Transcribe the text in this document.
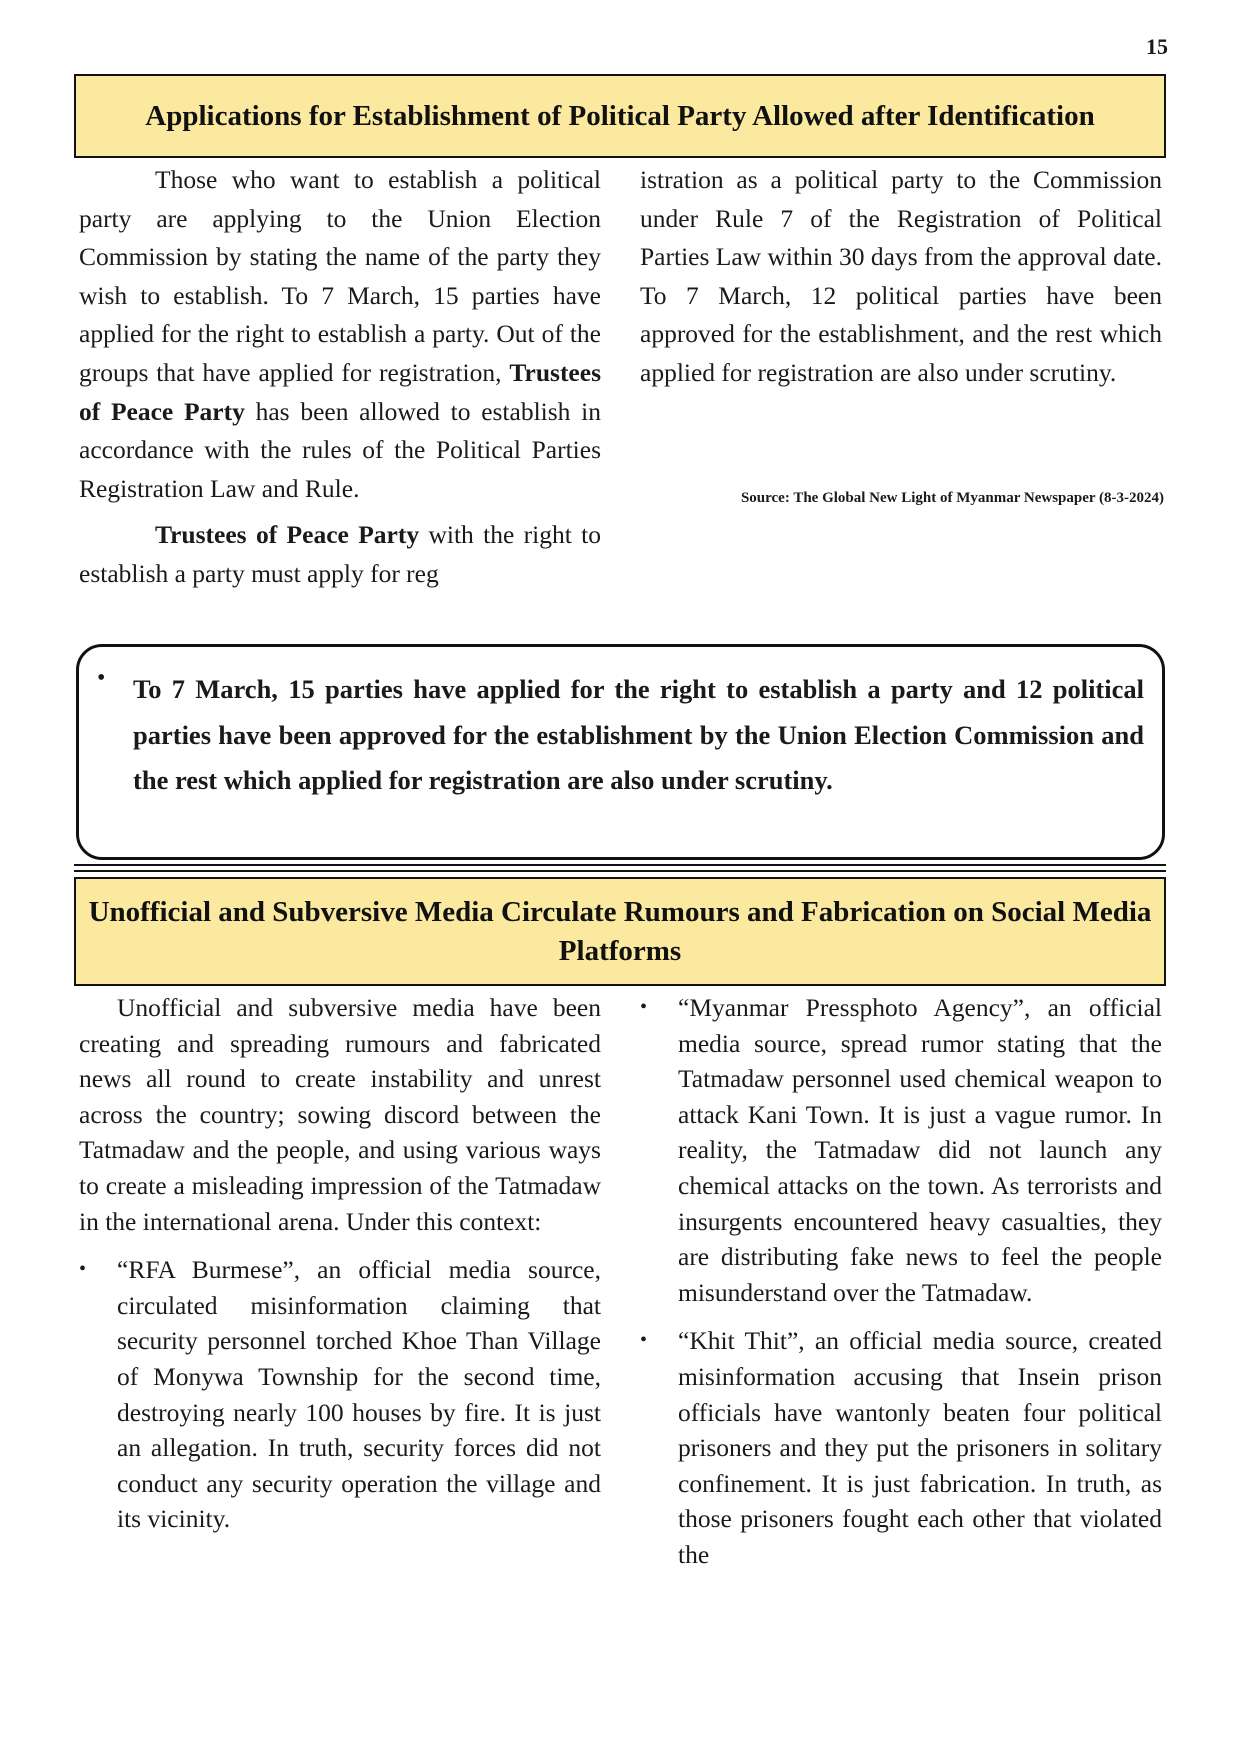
15
Applications for Establishment of Political Party Allowed after Identification

Those who want to establish a political party are applying to the Union Election Commission by stating the name of the party they wish to establish. To 7 March, 15 parties have applied for the right to establish a party. Out of the groups that have applied for registration, Trustees of Peace Party has been allowed to establish in accordance with the rules of the Political Parties Registration Law and Rule.

Trustees of Peace Party with the right to establish a party must apply for reg

istration as a political party to the Commission under Rule 7 of the Registration of Political Parties Law within 30 days from the approval date. To 7 March, 12 political parties have been approved for the establishment, and the rest which applied for registration are also under scrutiny.

Source: The Global New Light of Myanmar Newspaper (8-3-2024)
• To 7 March, 15 parties have applied for the right to establish a party and 12 political parties have been approved for the establishment by the Union Election Commission and the rest which applied for registration are also under scrutiny.

Unofficial and Subversive Media Circulate Rumours and Fabrication on Social Media Platforms

Unofficial and subversive media have been creating and spreading rumours and fabricated news all round to create instability and unrest across the country; sowing discord between the Tatmadaw and the people, and using various ways to create a misleading impression of the Tatmadaw in the international arena. Under this context:

• “RFA Burmese”, an official media source, circulated misinformation claiming that security personnel torched Khoe Than Village of Monywa Township for the second time, destroying nearly 100 houses by fire. It is just an allegation. In truth, security forces did not conduct any security operation the village and its vicinity.

• “Myanmar Pressphoto Agency”, an official media source, spread rumor stating that the Tatmadaw personnel used chemical weapon to attack Kani Town. It is just a vague rumor. In reality, the Tatmadaw did not launch any chemical attacks on the town. As terrorists and insurgents encountered heavy casualties, they are distributing fake news to feel the people misunderstand over the Tatmadaw.

• “Khit Thit”, an official media source, created misinformation accusing that Insein prison officials have wantonly beaten four political prisoners and they put the prisoners in solitary confinement. It is just fabrication. In truth, as those prisoners fought each other that violated the
